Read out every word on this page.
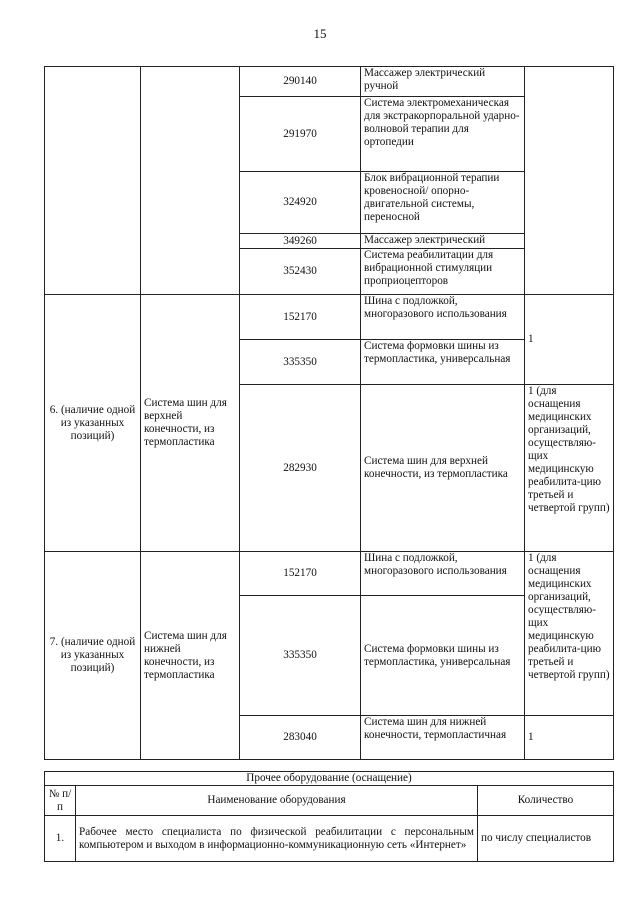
15
		290140	Массажер электрический ручной	
		291970	Система электромеханическая для экстракорпоральной ударно-волновой терапии для ортопедии	
		324920	Блок вибрационной терапии кровеносной/ опорно-двигательной системы, переносной	
		349260	Массажер электрический	
		352430	Система реабилитации для вибрационной стимуляции проприоцепторов	
6. (наличие одной из указанных позиций)	Система шин для верхней конечности, из термопластика	152170	Шина с подложкой, многоразового использования	1
		335350	Система формовки шины из термопластика, универсальная	
		282930	Система шин для верхней конечности, из термопластика	1 (для оснащения медицинских организаций, осуществляю-щих медицинскую реабилита-цию третьей и четвертой групп)
7. (наличие одной из указанных позиций)	Система шин для нижней конечности, из термопластика	152170	Шина с подложкой, многоразового использования	1 (для оснащения медицинских организаций, осуществляю-щих медицинскую реабилита-цию третьей и четвертой групп)
		335350	Система формовки шины из термопластика, универсальная	
		283040	Система шин для нижней конечности, термопластичная	1
Прочее оборудование (оснащение)		
№ п/п	Наименование оборудования	Количество
1.	Рабочее место специалиста по физической реабилитации с персональным компьютером и выходом в информационно-коммуникационную сеть «Интернет»	по числу специалистов
